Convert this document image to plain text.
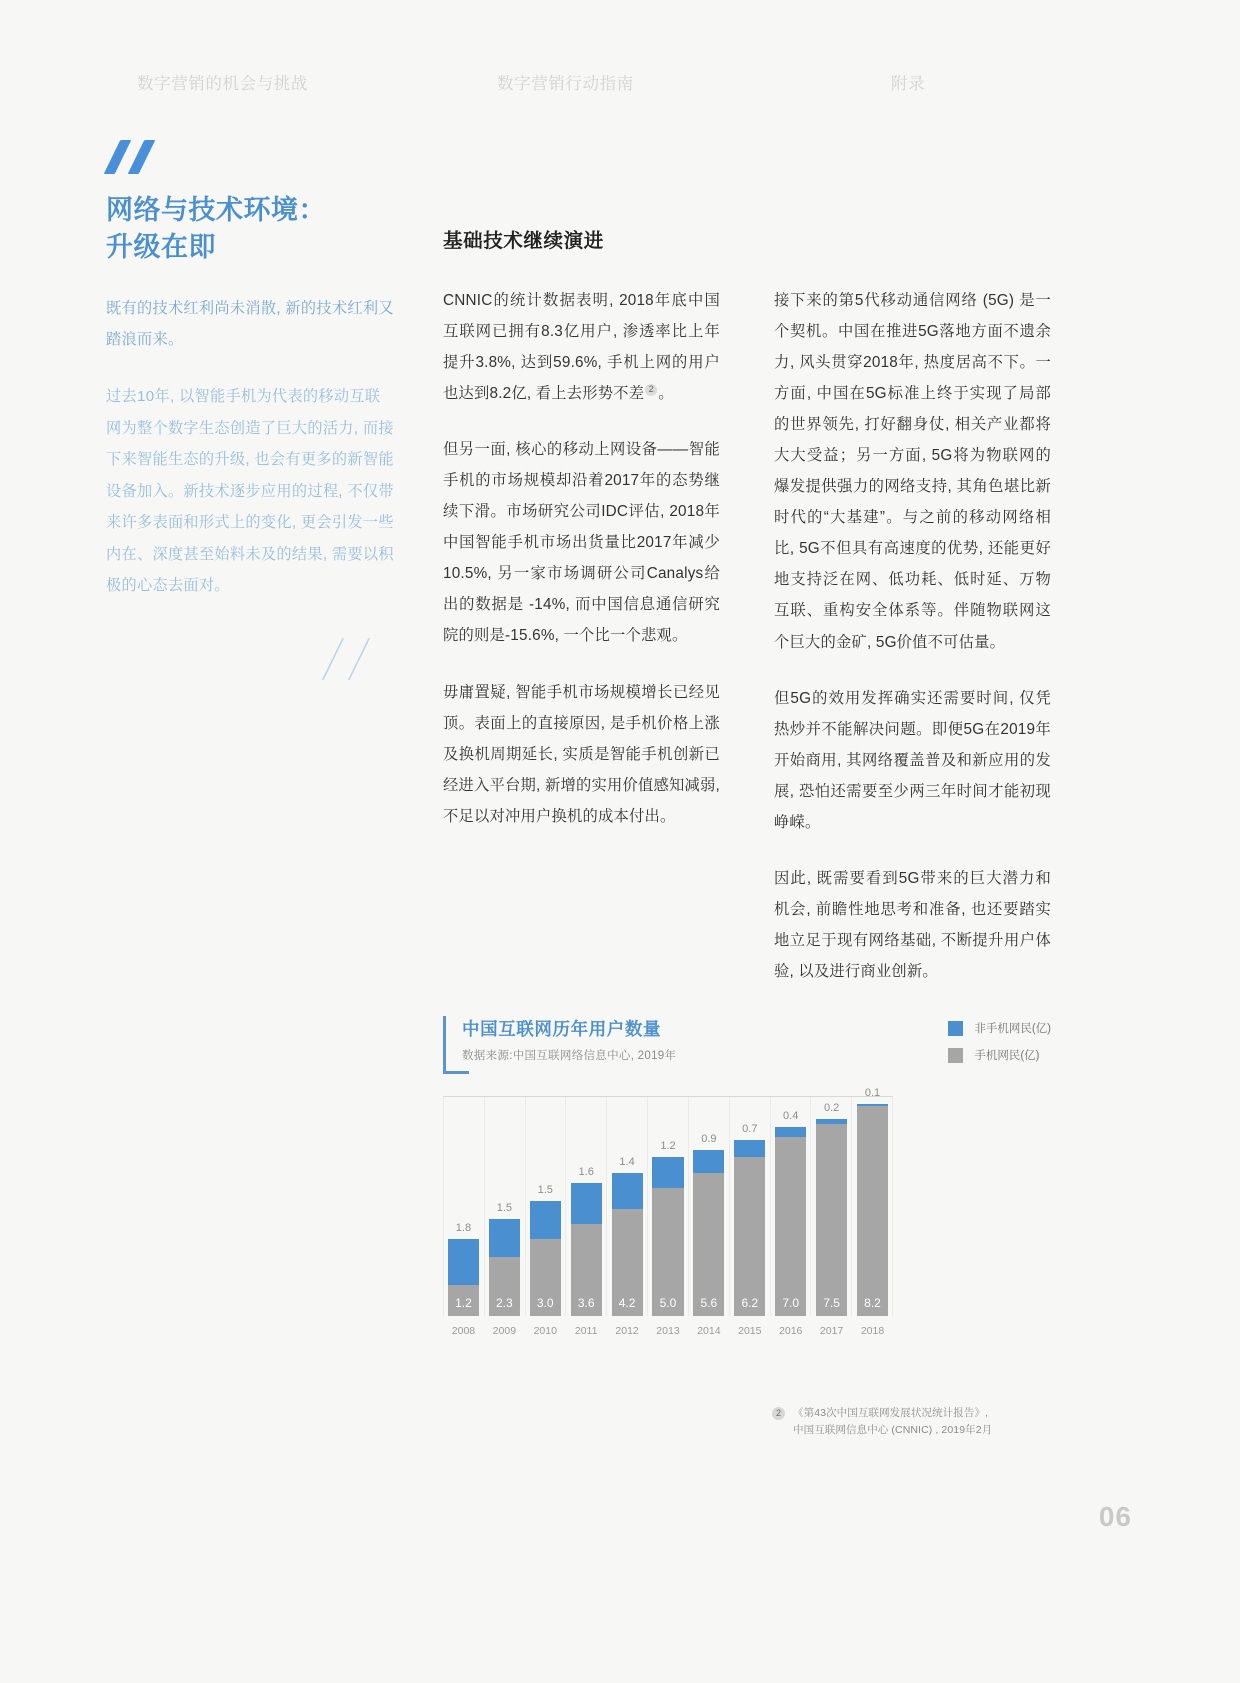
数字营销的机会与挑战	数字营销行动指南	附录
网络与技术环境：
升级在即
既有的技术红利尚未消散, 新的技术红利又踏浪而来。
过去10年, 以智能手机为代表的移动互联网为整个数字生态创造了巨大的活力, 而接下来智能生态的升级, 也会有更多的新智能设备加入。新技术逐步应用的过程, 不仅带来许多表面和形式上的变化, 更会引发一些内在、深度甚至始料未及的结果, 需要以积极的心态去面对。
基础技术继续演进

CNNIC的统计数据表明, 2018年底中国互联网已拥有8.3亿用户, 渗透率比上年提升3.8%, 达到59.6%, 手机上网的用户也达到8.2亿, 看上去形势不差 $^2$ 。

但另一面, 核心的移动上网设备——智能手机的市场规模却沿着2017年的态势继续下滑。市场研究公司IDC评估, 2018年中国智能手机市场出货量比2017年减少10.5%, 另一家市场调研公司Canalys给出的数据是 -14%, 而中国信息通信研究院的则是-15.6%, 一个比一个悲观。

毋庸置疑, 智能手机市场规模增长已经见顶。表面上的直接原因, 是手机价格上涨及换机周期延长, 实质是智能手机创新已经进入平台期, 新增的实用价值感知减弱, 不足以对冲用户换机的成本付出。

接下来的第5代移动通信网络 (5G) 是一个契机。中国在推进5G落地方面不遗余力, 风头贯穿2018年, 热度居高不下。一方面, 中国在5G标准上终于实现了局部的世界领先, 打好翻身仗, 相关产业都将大大受益；另一方面, 5G将为物联网的爆发提供强力的网络支持, 其角色堪比新时代的“大基建”。与之前的移动网络相比, 5G不但具有高速度的优势, 还能更好地支持泛在网、低功耗、低时延、万物互联、重构安全体系等。伴随物联网这个巨大的金矿, 5G价值不可估量。

但5G的效用发挥确实还需要时间, 仅凭热炒并不能解决问题。即便5G在2019年开始商用, 其网络覆盖普及和新应用的发展, 恐怕还需要至少两三年时间才能初现峥嵘。

因此, 既需要看到5G带来的巨大潜力和机会, 前瞻性地思考和准备, 也还要踏实地立足于现有网络基础, 不断提升用户体验, 以及进行商业创新。

中国互联网历年用户数量
数据来源:中国互联网络信息中心, 2019年
非手机网民(亿)
手机网民(亿)
1.8
1.2
1.5
2.3
1.5
3.0
1.6
3.6
1.4
4.2
1.2
5.0
0.9
5.6
0.7
6.2
0.4
7.0
0.2
7.5
0.1
8.2
2008	2009	2010	2011	2012	2013	2014	2015	2016	2017	2018
2	《第43次中国互联网发展状况统计报告》,
中国互联网信息中心 (CNNIC) , 2019年2月
06
